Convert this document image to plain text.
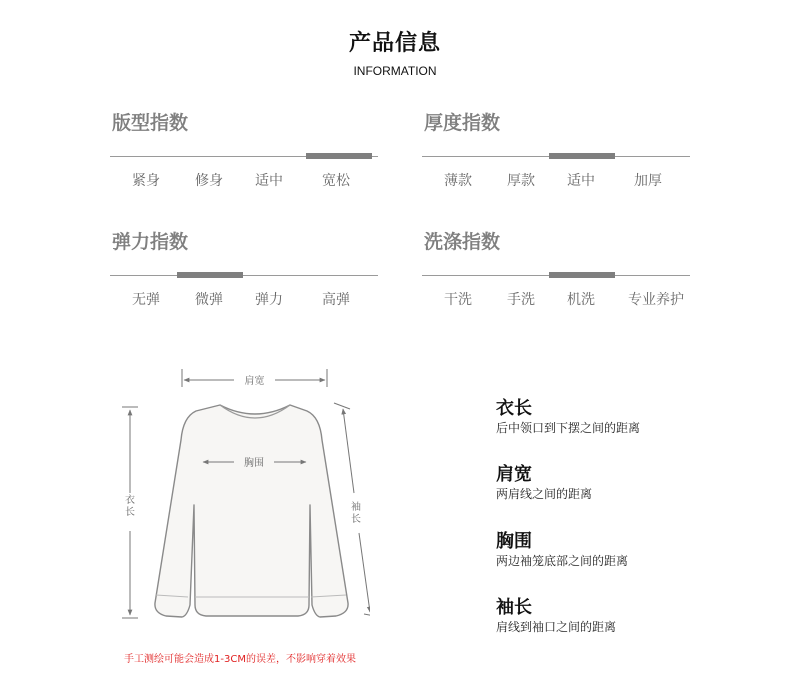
产品信息
INFORMATION
版型指数
紧身	修身	适中	宽松
厚度指数
薄款	厚款	适中	加厚
弹力指数
无弹	微弹	弹力	高弹
洗涤指数
干洗	手洗	机洗	专业养护
肩宽
胸围
衣长	袖长
衣长
后中领口到下摆之间的距离
肩宽
两肩线之间的距离
胸围
两边袖笼底部之间的距离
袖长
肩线到袖口之间的距离
手工测绘可能会造成1-3CM的误差，不影响穿着效果
